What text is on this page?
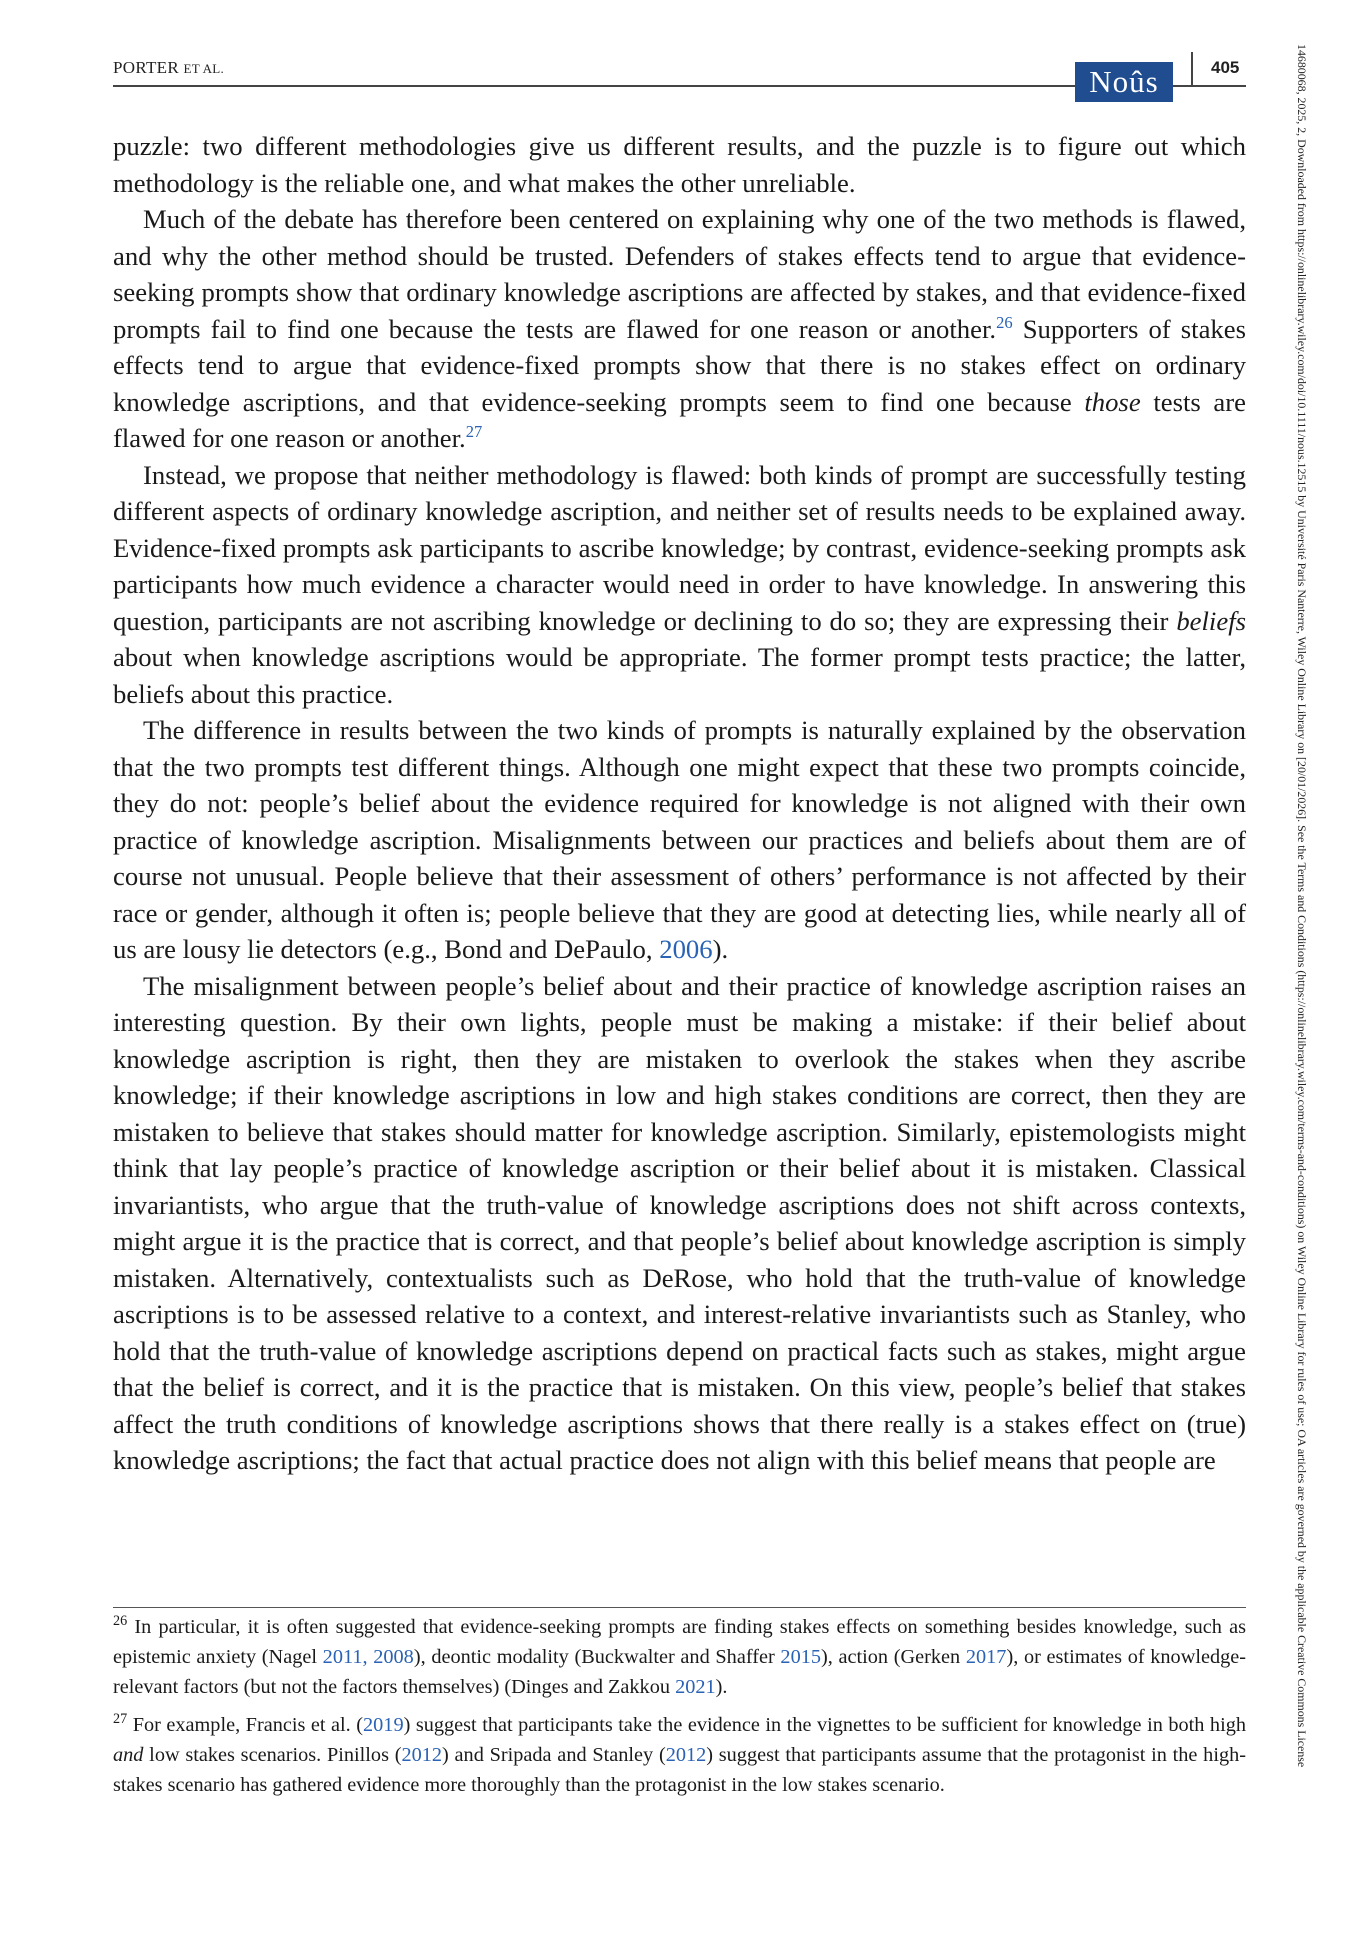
PORTER ET AL.	Noûs	405

puzzle: two different methodologies give us different results, and the puzzle is to figure out which methodology is the reliable one, and what makes the other unreliable.

Much of the debate has therefore been centered on explaining why one of the two methods is flawed, and why the other method should be trusted. Defenders of stakes effects tend to argue that evidence-seeking prompts show that ordinary knowledge ascriptions are affected by stakes, and that evidence-fixed prompts fail to find one because the tests are flawed for one reason or another.$^{26}$ Supporters of stakes effects tend to argue that evidence-fixed prompts show that there is no stakes effect on ordinary knowledge ascriptions, and that evidence-seeking prompts seem to find one because those tests are flawed for one reason or another.$^{27}$

Instead, we propose that neither methodology is flawed: both kinds of prompt are successfully testing different aspects of ordinary knowledge ascription, and neither set of results needs to be explained away. Evidence-fixed prompts ask participants to ascribe knowledge; by contrast, evidence-seeking prompts ask participants how much evidence a character would need in order to have knowledge. In answering this question, participants are not ascribing knowledge or declining to do so; they are expressing their beliefs about when knowledge ascriptions would be appropriate. The former prompt tests practice; the latter, beliefs about this practice.

The difference in results between the two kinds of prompts is naturally explained by the observation that the two prompts test different things. Although one might expect that these two prompts coincide, they do not: people’s belief about the evidence required for knowledge is not aligned with their own practice of knowledge ascription. Misalignments between our practices and beliefs about them are of course not unusual. People believe that their assessment of others’ performance is not affected by their race or gender, although it often is; people believe that they are good at detecting lies, while nearly all of us are lousy lie detectors (e.g., Bond and DePaulo, 2006).

The misalignment between people’s belief about and their practice of knowledge ascription raises an interesting question. By their own lights, people must be making a mistake: if their belief about knowledge ascription is right, then they are mistaken to overlook the stakes when they ascribe knowledge; if their knowledge ascriptions in low and high stakes conditions are correct, then they are mistaken to believe that stakes should matter for knowledge ascription. Similarly, epistemologists might think that lay people’s practice of knowledge ascription or their belief about it is mistaken. Classical invariantists, who argue that the truth-value of knowledge ascriptions does not shift across contexts, might argue it is the practice that is correct, and that people’s belief about knowledge ascription is simply mistaken. Alternatively, contextualists such as DeRose, who hold that the truth-value of knowledge ascriptions is to be assessed relative to a context, and interest-relative invariantists such as Stanley, who hold that the truth-value of knowledge ascriptions depend on practical facts such as stakes, might argue that the belief is correct, and it is the practice that is mistaken. On this view, people’s belief that stakes affect the truth conditions of knowledge ascriptions shows that there really is a stakes effect on (true) knowledge ascriptions; the fact that actual practice does not align with this belief means that people are

$^{26}$ In particular, it is often suggested that evidence-seeking prompts are finding stakes effects on something besides knowledge, such as epistemic anxiety (Nagel 2011, 2008), deontic modality (Buckwalter and Shaffer 2015), action (Gerken 2017), or estimates of knowledge-relevant factors (but not the factors themselves) (Dinges and Zakkou 2021).

$^{27}$ For example, Francis et al. (2019) suggest that participants take the evidence in the vignettes to be sufficient for knowledge in both high and low stakes scenarios. Pinillos (2012) and Sripada and Stanley (2012) suggest that participants assume that the protagonist in the high-stakes scenario has gathered evidence more thoroughly than the protagonist in the low stakes scenario.

14680068, 2025, 2, Downloaded from https://onlinelibrary.wiley.com/doi/10.1111/nous.12515 by Université Paris Nanterre, Wiley Online Library on [20/01/2026]. See the Terms and Conditions (https://onlinelibrary.wiley.com/terms-and-conditions) on Wiley Online Library for rules of use; OA articles are governed by the applicable Creative Commons License
